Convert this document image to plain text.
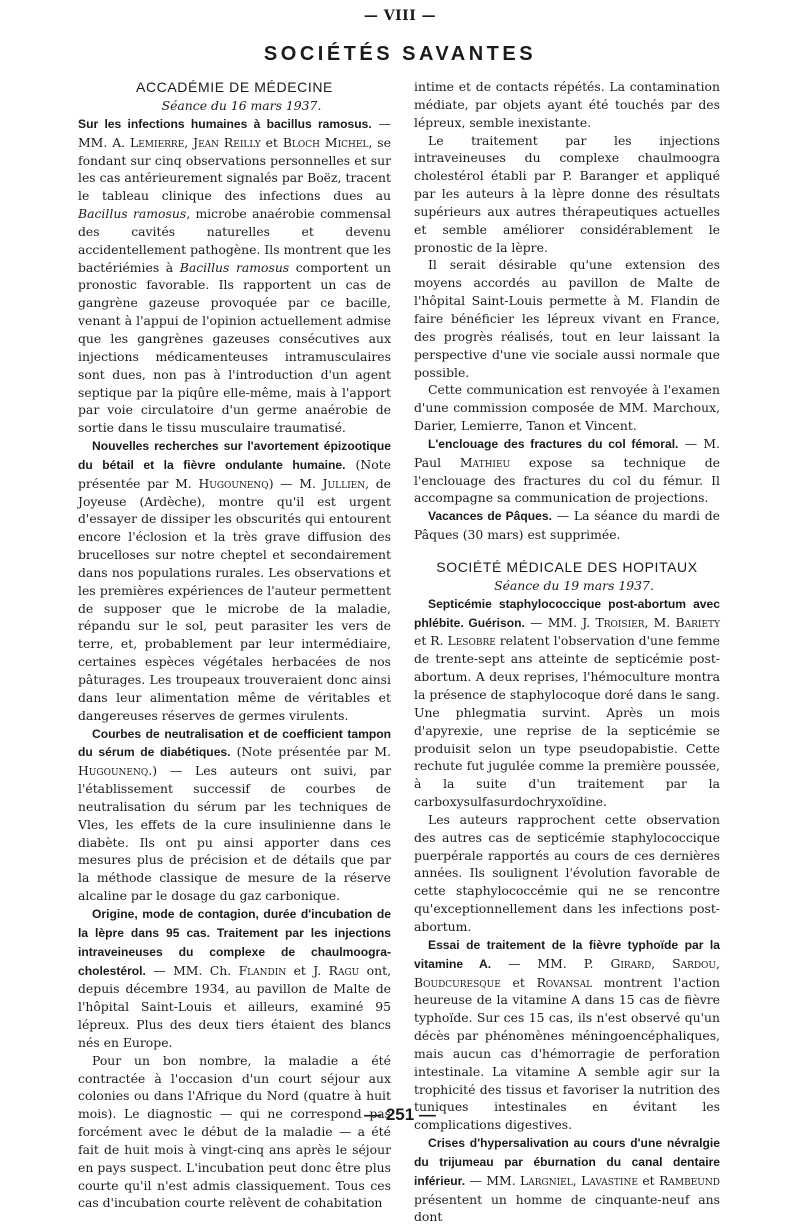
— VIII —

SOCIÉTÉS SAVANTES
ACCADÉMIE DE MÉDECINE

Séance du 16 mars 1937.

Sur les infections humaines à bacillus ramosus. — MM. A. Lemierre, Jean Reilly et Bloch Michel, se fondant sur cinq observations personnelles et sur les cas antérieurement signalés par Boëz, tracent le tableau clinique des infections dues au Bacillus ramosus, microbe anaérobie commensal des cavités naturelles et devenu accidentellement pathogène. Ils montrent que les bactériémies à Bacillus ramosus comportent un pronostic favorable. Ils rapportent un cas de gangrène gazeuse provoquée par ce bacille, venant à l'appui de l'opinion actuellement admise que les gangrènes gazeuses consécutives aux injections médicamenteuses intramusculaires sont dues, non pas à l'introduction d'un agent septique par la piqûre elle-même, mais à l'apport par voie circulatoire d'un germe anaérobie de sortie dans le tissu musculaire traumatisé.

Nouvelles recherches sur l'avortement épizootique du bétail et la fièvre ondulante humaine. (Note présentée par M. Hugounenq) — M. Jullien, de Joyeuse (Ardèche), montre qu'il est urgent d'essayer de dissiper les obscurités qui entourent encore l'éclosion et la très grave diffusion des brucelloses sur notre cheptel et secondairement dans nos populations rurales. Les observations et les premières expériences de l'auteur permettent de supposer que le microbe de la maladie, répandu sur le sol, peut parasiter les vers de terre, et, probablement par leur intermédiaire, certaines espèces végétales herbacées de nos pâturages. Les troupeaux trouveraient donc ainsi dans leur alimentation même de véritables et dangereuses réserves de germes virulents.

Courbes de neutralisation et de coefficient tampon du sérum de diabétiques. (Note présentée par M. Hugounenq.) — Les auteurs ont suivi, par l'établissement successif de courbes de neutralisation du sérum par les techniques de Vles, les effets de la cure insulinienne dans le diabète. Ils ont pu ainsi apporter dans ces mesures plus de précision et de détails que par la méthode classique de mesure de la réserve alcaline par le dosage du gaz carbonique.

Origine, mode de contagion, durée d'incubation de la lèpre dans 95 cas. Traitement par les injections intraveineuses du complexe de chaulmoogra-cholestérol. — MM. Ch. Flandin et J. Ragu ont, depuis décembre 1934, au pavillon de Malte de l'hôpital Saint-Louis et ailleurs, examiné 95 lépreux. Plus des deux tiers étaient des blancs nés en Europe.

Pour un bon nombre, la maladie a été contractée à l'occasion d'un court séjour aux colonies ou dans l'Afrique du Nord (quatre à huit mois). Le diagnostic — qui ne correspond pas forcément avec le début de la maladie — a été fait de huit mois à vingt-cinq ans après le séjour en pays suspect. L'incubation peut donc être plus courte qu'il n'est admis classiquement. Tous ces cas d'incubation courte relèvent de cohabitation

intime et de contacts répétés. La contamination médiate, par objets ayant été touchés par des lépreux, semble inexistante.

Le traitement par les injections intraveineuses du complexe chaulmoogra cholestérol établi par P. Baranger et appliqué par les auteurs à la lèpre donne des résultats supérieurs aux autres thérapeutiques actuelles et semble améliorer considérablement le pronostic de la lèpre.

Il serait désirable qu'une extension des moyens accordés au pavillon de Malte de l'hôpital Saint-Louis permette à M. Flandin de faire bénéficier les lépreux vivant en France, des progrès réalisés, tout en leur laissant la perspective d'une vie sociale aussi normale que possible.

Cette communication est renvoyée à l'examen d'une commission composée de MM. Marchoux, Darier, Lemierre, Tanon et Vincent.

L'enclouage des fractures du col fémoral. — M. Paul Mathieu expose sa technique de l'enclouage des fractures du col du fémur. Il accompagne sa communication de projections.

Vacances de Pâques. — La séance du mardi de Pâques (30 mars) est supprimée.

SOCIÉTÉ MÉDICALE DES HOPITAUX

Séance du 19 mars 1937.

Septicémie staphylococcique post-abortum avec phlébite. Guérison. — MM. J. Troisier, M. Bariety et R. Lesobre relatent l'observation d'une femme de trente-sept ans atteinte de septicémie post-abortum. A deux reprises, l'hémoculture montra la présence de staphylocoque doré dans le sang. Une phlegmatia survint. Après un mois d'apyrexie, une reprise de la septicémie se produisit selon un type pseudopabistie. Cette rechute fut jugulée comme la première poussée, à la suite d'un traitement par la carboxysulfasurdochryxoïdine.

Les auteurs rapprochent cette observation des autres cas de septicémie staphylococcique puerpérale rapportés au cours de ces dernières années. Ils soulignent l'évolution favorable de cette staphylococcémie qui ne se rencontre qu'exceptionnellement dans les infections post-abortum.

Essai de traitement de la fièvre typhoïde par la vitamine A. — MM. P. Girard, Sardou, Boudcuresque et Rovansal montrent l'action heureuse de la vitamine A dans 15 cas de fièvre typhoïde. Sur ces 15 cas, ils n'est observé qu'un décès par phénomènes méningoencéphaliques, mais aucun cas d'hémorragie de perforation intestinale. La vitamine A semble agir sur la trophicité des tissus et favoriser la nutrition des tuniques intestinales en évitant les complications digestives.

Crises d'hypersalivation au cours d'une névralgie du trijumeau par éburnation du canal dentaire inférieur. — MM. Largniel, Lavastine et Rambeund présentent un homme de cinquante-neuf ans dont

— 251 —
